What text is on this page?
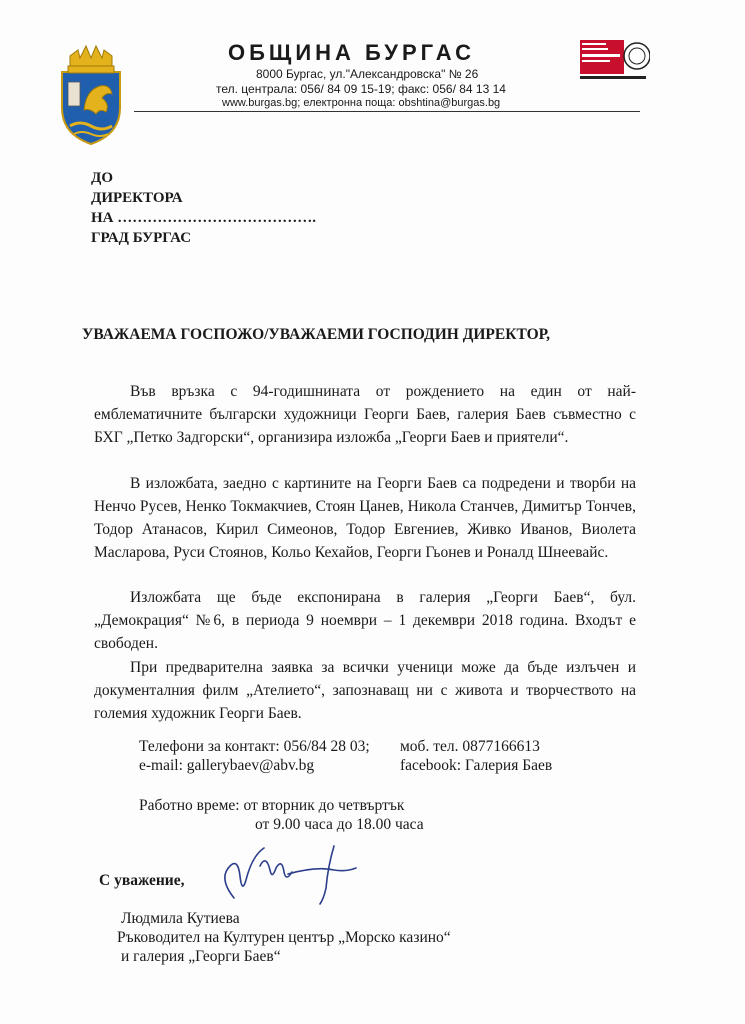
ОБЩИНА БУРГАС
8000 Бургас, ул."Александровска" № 26
тел. централа: 056/ 84 09 15-19; факс: 056/ 84 13 14
www.burgas.bg; електронна поща: obshtina@burgas.bg
ДО
ДИРЕКТОРА
НА ………………………………….
ГРАД БУРГАС
УВАЖАЕМА ГОСПОЖО/УВАЖАЕМИ ГОСПОДИН ДИРЕКТОР,
Във връзка с 94-годишнината от рождението на един от най-емблематичните български художници Георги Баев, галерия Баев съвместно с БХГ „Петко Задгорски“, организира изложба „Георги Баев и приятели“.
В изложбата, заедно с картините на Георги Баев са подредени и творби на Ненчо Русев, Ненко Токмакчиев, Стоян Цанев, Никола Станчев, Димитър Тончев, Тодор Атанасов, Кирил Симеонов, Тодор Евгениев, Живко Иванов, Виолета Масларова, Руси Стоянов, Кольо Кехайов, Георги Гьонев и Роналд Шнеевайс.
Изложбата ще бъде експонирана в галерия „Георги Баев“, бул. „Демокрация“ №6, в периода 9 ноември – 1 декември 2018 година. Входът е свободен.
При предварителна заявка за всички ученици може да бъде излъчен и документалния филм „Ателието“, запознаващ ни с живота и творчеството на големия художник Георги Баев.
Телефони за контакт: 056/84 28 03; моб. тел. 0877166613
e-mail: gallerybaev@abv.bg	facebook: Галерия Баев
Работно време: от вторник до четвъртък
от 9.00 часа до 18.00 часа
С уважение,
Людмила Кутиева
Ръководител на Културен център „Морско казино“
и галерия „Георги Баев“
